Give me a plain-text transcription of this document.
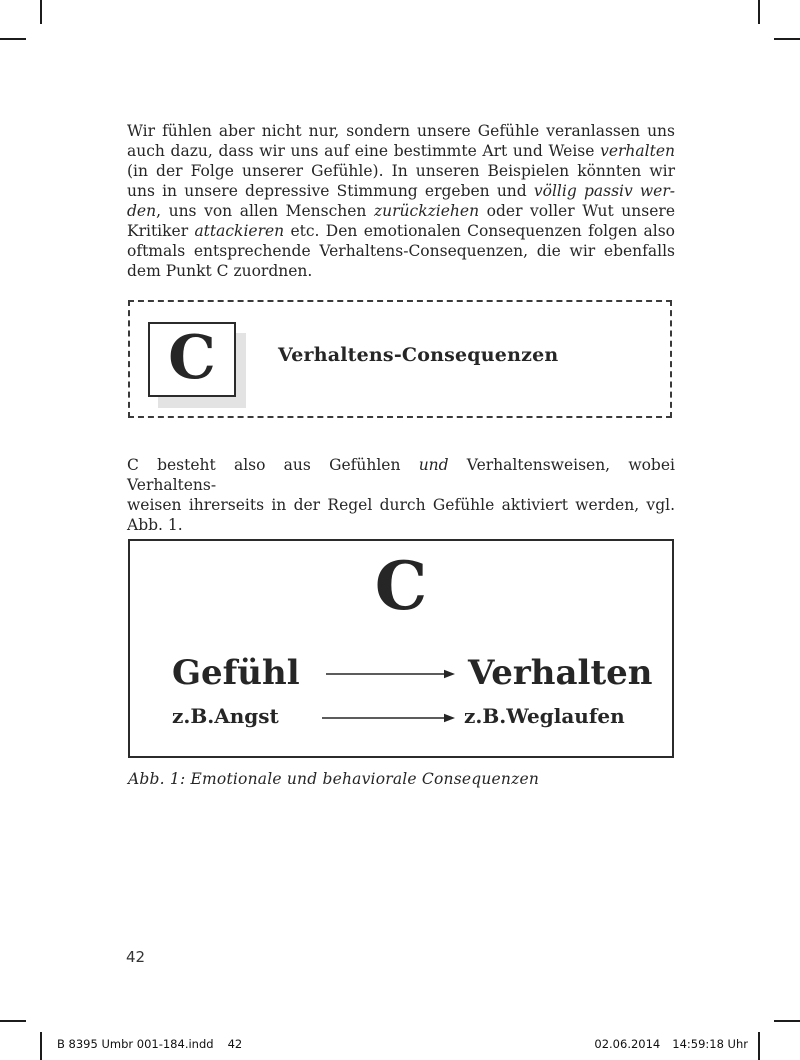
Wir fühlen aber nicht nur, sondern unsere Gefühle veranlassen uns
auch dazu, dass wir uns auf eine bestimmte Art und Weise verhalten
(in der Folge unserer Gefühle). In unseren Beispielen könnten wir
uns in unsere depressive Stimmung ergeben und völlig passiv wer-
den, uns von allen Menschen zurückziehen oder voller Wut unsere
Kritiker attackieren etc. Den emotionalen Consequenzen folgen also
oftmals entsprechende Verhaltens-Consequenzen, die wir ebenfalls
dem Punkt C zuordnen.
C	Verhaltens-Consequenzen
C besteht also aus Gefühlen und Verhaltensweisen, wobei Verhaltens-
weisen ihrerseits in der Regel durch Gefühle aktiviert werden, vgl.
Abb. 1.
C
Gefühl	Verhalten
z.B.Angst	z.B.Weglaufen
Abb. 1: Emotionale und behaviorale Consequenzen
42
B 8395 Umbr 001-184.indd 42	02.06.2014 14:59:18 Uhr
